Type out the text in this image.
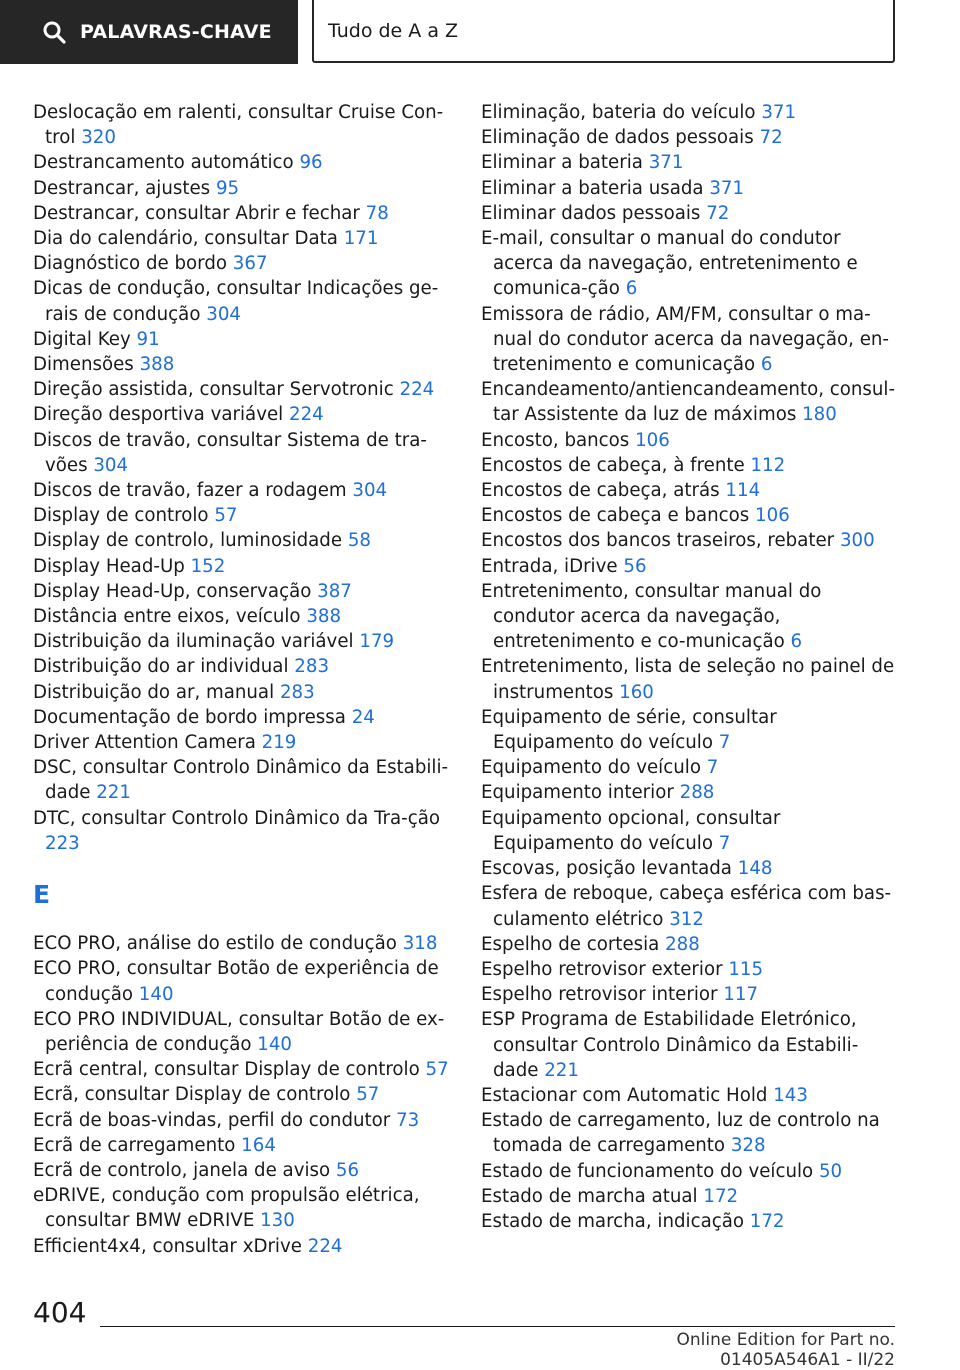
PALAVRAS-CHAVE	Tudo de A a Z

Deslocação em ralenti, consultar Cruise Con-trol 320

Destrancamento automático 96

Destrancar, ajustes 95

Destrancar, consultar Abrir e fechar 78

Dia do calendário, consultar Data 171

Diagnóstico de bordo 367

Dicas de condução, consultar Indicações ge-rais de condução 304

Digital Key 91

Dimensões 388

Direção assistida, consultar Servotronic 224

Direção desportiva variável 224

Discos de travão, consultar Sistema de tra-vões 304

Discos de travão, fazer a rodagem 304

Display de controlo 57

Display de controlo, luminosidade 58

Display Head-Up 152

Display Head-Up, conservação 387

Distância entre eixos, veículo 388

Distribuição da iluminação variável 179

Distribuição do ar individual 283

Distribuição do ar, manual 283

Documentação de bordo impressa 24

Driver Attention Camera 219

DSC, consultar Controlo Dinâmico da Estabili-dade 221

DTC, consultar Controlo Dinâmico da Tra-ção 223

E

ECO PRO, análise do estilo de condução 318

ECO PRO, consultar Botão de experiência de condução 140

ECO PRO INDIVIDUAL, consultar Botão de ex-periência de condução 140

Ecrã central, consultar Display de controlo 57

Ecrã, consultar Display de controlo 57

Ecrã de boas-vindas, perfil do condutor 73

Ecrã de carregamento 164

Ecrã de controlo, janela de aviso 56

eDRIVE, condução com propulsão elétrica, consultar BMW eDRIVE 130

Efficient4x4, consultar xDrive 224

Eliminação, bateria do veículo 371

Eliminação de dados pessoais 72

Eliminar a bateria 371

Eliminar a bateria usada 371

Eliminar dados pessoais 72

E-mail, consultar o manual do condutor acerca da navegação, entretenimento e comunica-ção 6

Emissora de rádio, AM/FM, consultar o ma-nual do condutor acerca da navegação, en-tretenimento e comunicação 6

Encandeamento/antiencandeamento, consul-tar Assistente da luz de máximos 180

Encosto, bancos 106

Encostos de cabeça, à frente 112

Encostos de cabeça, atrás 114

Encostos de cabeça e bancos 106

Encostos dos bancos traseiros, rebater 300

Entrada, iDrive 56

Entretenimento, consultar manual do condutor acerca da navegação, entretenimento e co-municação 6

Entretenimento, lista de seleção no painel de instrumentos 160

Equipamento de série, consultar Equipamento do veículo 7

Equipamento do veículo 7

Equipamento interior 288

Equipamento opcional, consultar Equipamento do veículo 7

Escovas, posição levantada 148

Esfera de reboque, cabeça esférica com bas-culamento elétrico 312

Espelho de cortesia 288

Espelho retrovisor exterior 115

Espelho retrovisor interior 117

ESP Programa de Estabilidade Eletrónico, consultar Controlo Dinâmico da Estabili-dade 221

Estacionar com Automatic Hold 143

Estado de carregamento, luz de controlo na tomada de carregamento 328

Estado de funcionamento do veículo 50

Estado de marcha atual 172

Estado de marcha, indicação 172

404
Online Edition for Part no. 01405A546A1 - II/22
